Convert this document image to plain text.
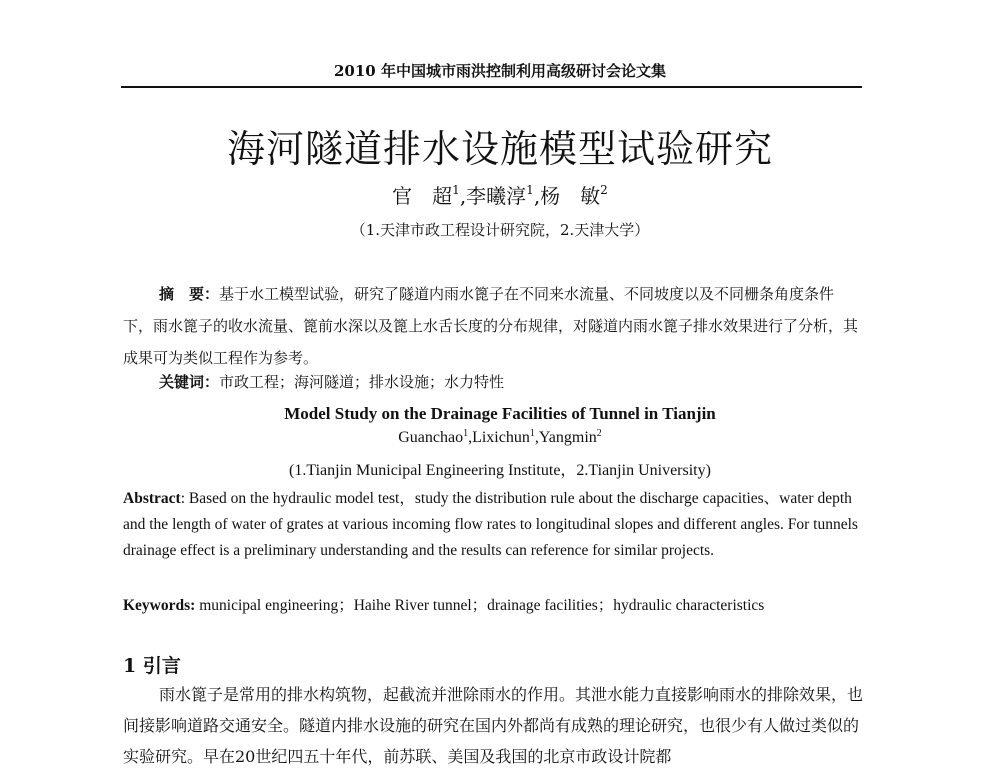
2010 年中国城市雨洪控制利用高级研讨会论文集
海河隧道排水设施模型试验研究
官　超$^1$,李曦淳$^1$,杨　敏$^2$
（1.天津市政工程设计研究院，2.天津大学）
摘　要：基于水工模型试验，研究了隧道内雨水篦子在不同来水流量、不同坡度以及不同栅条角度条件下，雨水篦子的收水流量、篦前水深以及篦上水舌长度的分布规律，对隧道内雨水篦子排水效果进行了分析，其成果可为类似工程作为参考。
关键词：市政工程；海河隧道；排水设施；水力特性
Model Study on the Drainage Facilities of Tunnel in Tianjin
Guanchao$^1$,Lixichun$^1$,Yangmin$^2$
(1.Tianjin Municipal Engineering Institute，2.Tianjin University)
Abstract: Based on the hydraulic model test，study the distribution rule about the discharge capacities、water depth and the length of water of grates at various incoming flow rates to longitudinal slopes and different angles. For tunnels drainage effect is a preliminary understanding and the results can reference for similar projects.
Keywords: municipal engineering；Haihe River tunnel；drainage facilities；hydraulic characteristics
1 引言
雨水篦子是常用的排水构筑物，起截流并泄除雨水的作用。其泄水能力直接影响雨水的排除效果，也间接影响道路交通安全。隧道内排水设施的研究在国内外都尚有成熟的理论研究，也很少有人做过类似的实验研究。早在20世纪四五十年代，前苏联、美国及我国的北京市政设计院都
